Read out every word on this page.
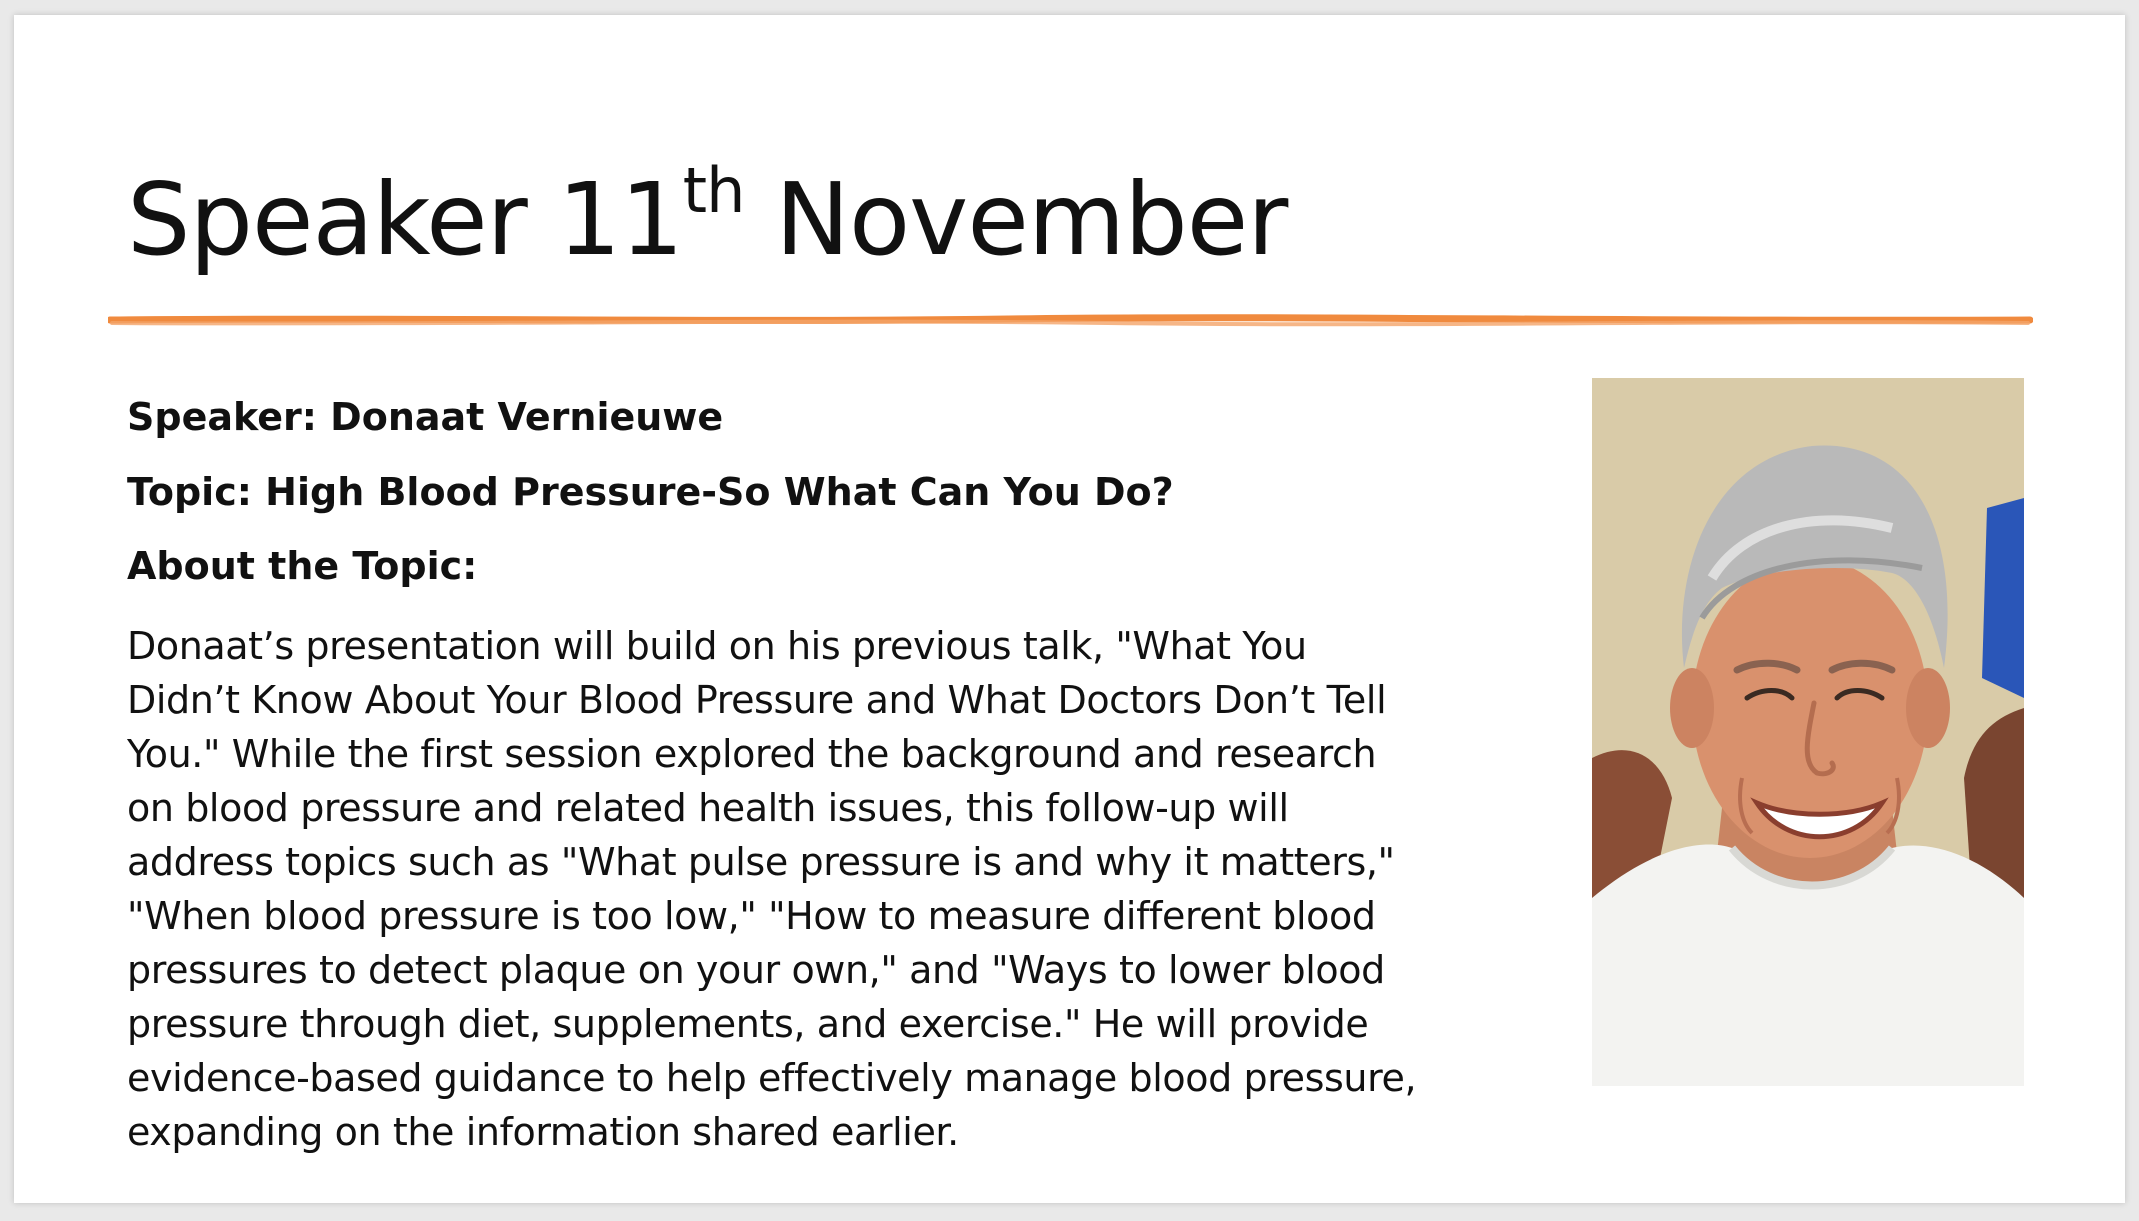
Speaker 11th November

Speaker: Donaat Vernieuwe

Topic: High Blood Pressure-So What Can You Do?

About the Topic:

Donaat’s presentation will build on his previous talk, "What You
Didn’t Know About Your Blood Pressure and What Doctors Don’t Tell
You." While the first session explored the background and research
on blood pressure and related health issues, this follow-up will
address topics such as "What pulse pressure is and why it matters,"
"When blood pressure is too low," "How to measure different blood
pressures to detect plaque on your own," and "Ways to lower blood
pressure through diet, supplements, and exercise." He will provide
evidence-based guidance to help effectively manage blood pressure,
expanding on the information shared earlier.
